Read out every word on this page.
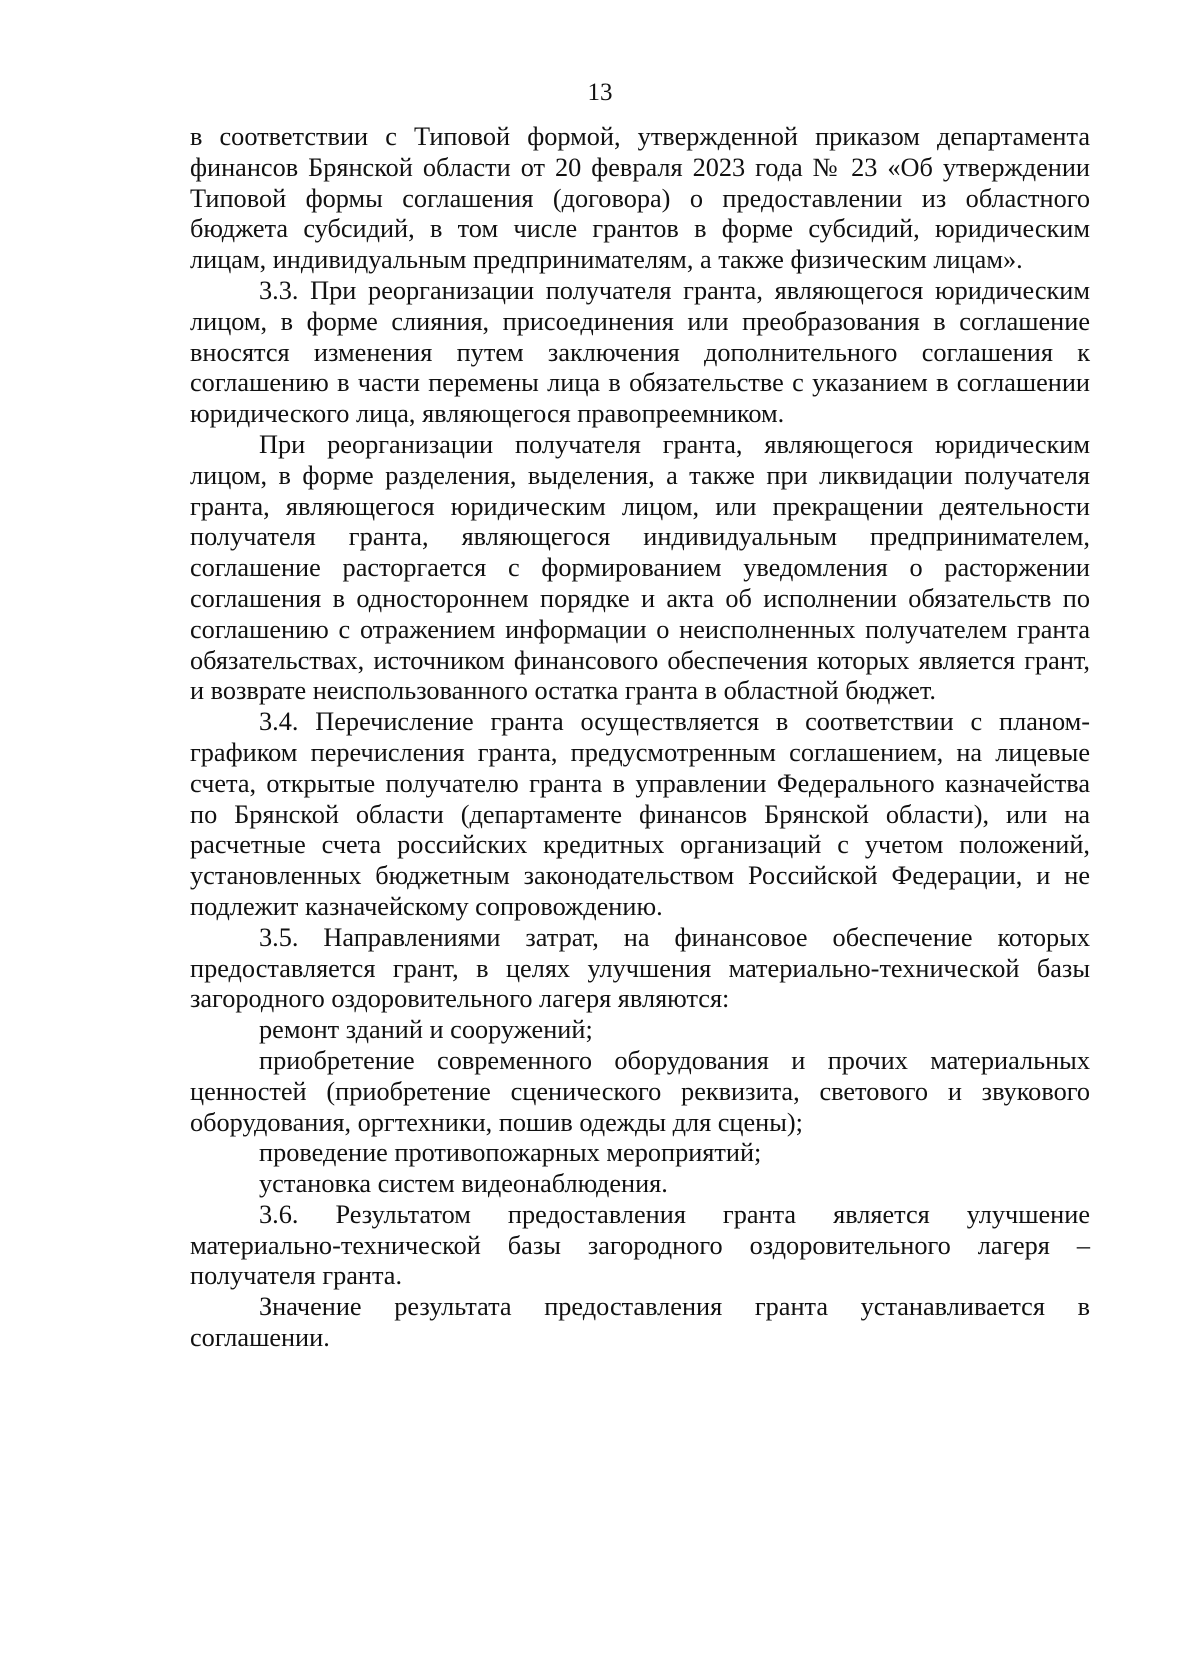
13

в соответствии с Типовой формой, утвержденной приказом департамента финансов Брянской области от 20 февраля 2023 года № 23 «Об утверждении Типовой формы соглашения (договора) о предоставлении из областного бюджета субсидий, в том числе грантов в форме субсидий, юридическим лицам, индивидуальным предпринимателям, а также физическим лицам».

3.3. При реорганизации получателя гранта, являющегося юридическим лицом, в форме слияния, присоединения или преобразования в соглашение вносятся изменения путем заключения дополнительного соглашения к соглашению в части перемены лица в обязательстве с указанием в соглашении юридического лица, являющегося правопреемником.

При реорганизации получателя гранта, являющегося юридическим лицом, в форме разделения, выделения, а также при ликвидации получателя гранта, являющегося юридическим лицом, или прекращении деятельности получателя гранта, являющегося индивидуальным предпринимателем, соглашение расторгается с формированием уведомления о расторжении соглашения в одностороннем порядке и акта об исполнении обязательств по соглашению с отражением информации о неисполненных получателем гранта обязательствах, источником финансового обеспечения которых является грант, и возврате неиспользованного остатка гранта в областной бюджет.

3.4. Перечисление гранта осуществляется в соответствии с планом-графиком перечисления гранта, предусмотренным соглашением, на лицевые счета, открытые получателю гранта в управлении Федерального казначейства по Брянской области (департаменте финансов Брянской области), или на расчетные счета российских кредитных организаций с учетом положений, установленных бюджетным законодательством Российской Федерации, и не подлежит казначейскому сопровождению.

3.5. Направлениями затрат, на финансовое обеспечение которых предоставляется грант, в целях улучшения материально-технической базы загородного оздоровительного лагеря являются:

ремонт зданий и сооружений;

приобретение современного оборудования и прочих материальных ценностей (приобретение сценического реквизита, светового и звукового оборудования, оргтехники, пошив одежды для сцены);

проведение противопожарных мероприятий;

установка систем видеонаблюдения.

3.6. Результатом предоставления гранта является улучшение материально-технической базы загородного оздоровительного лагеря – получателя гранта.

Значение результата предоставления гранта устанавливается в соглашении.
